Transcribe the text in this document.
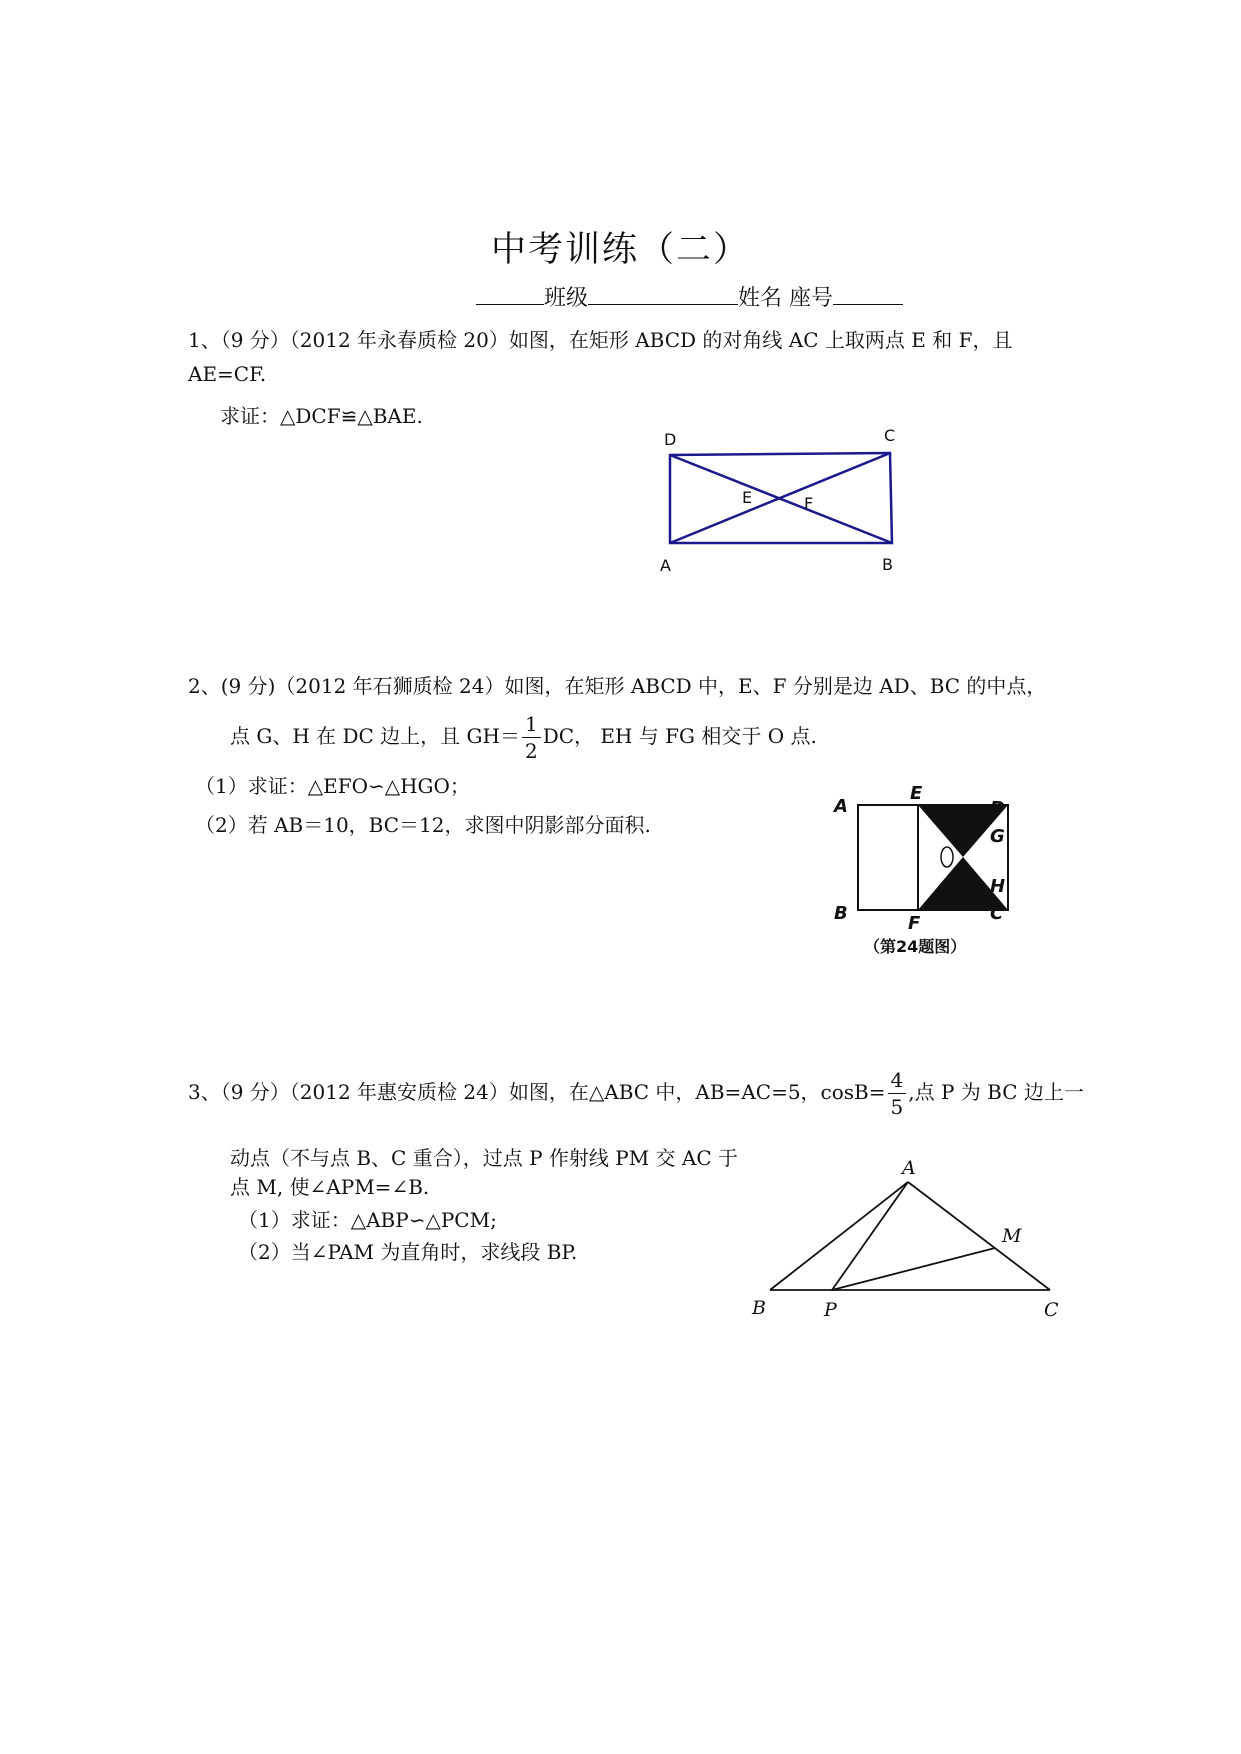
中考训练（二）
班级	姓名 座号
1、（9 分）（2012 年永春质检 20）如图，在矩形 ABCD 的对角线 AC 上取两点 E 和 F，且
AE=CF.
求证：△DCF≌△BAE.
D	C
E	F
A	B
2、(9 分)（2012 年石狮质检 24）如图，在矩形 ABCD 中，E、F 分别是边 AD、BC 的中点，
点 G、H 在 DC 边上，且 $GH= \frac{1}{2}$ DC， EH 与 FG 相交于 O 点.
（1）求证：△EFO∽△HGO；
（2）若 AB＝10，BC＝12，求图中阴影部分面积.
A
E
D
G
H
B	F	C
（第24题图）
3、（9 分）（2012 年惠安质检 24）如图，在△ABC 中，AB=AC=5，$\cos B= \frac{4}{5}$ ,点 P 为 BC 边上一
动点（不与点 B、C 重合），过点 P 作射线 PM 交 AC 于
点 M, 使∠APM=∠B.
（1）求证：△ABP∽△PCM;
（2）当∠PAM 为直角时，求线段 BP.
A
M
B	P	C
